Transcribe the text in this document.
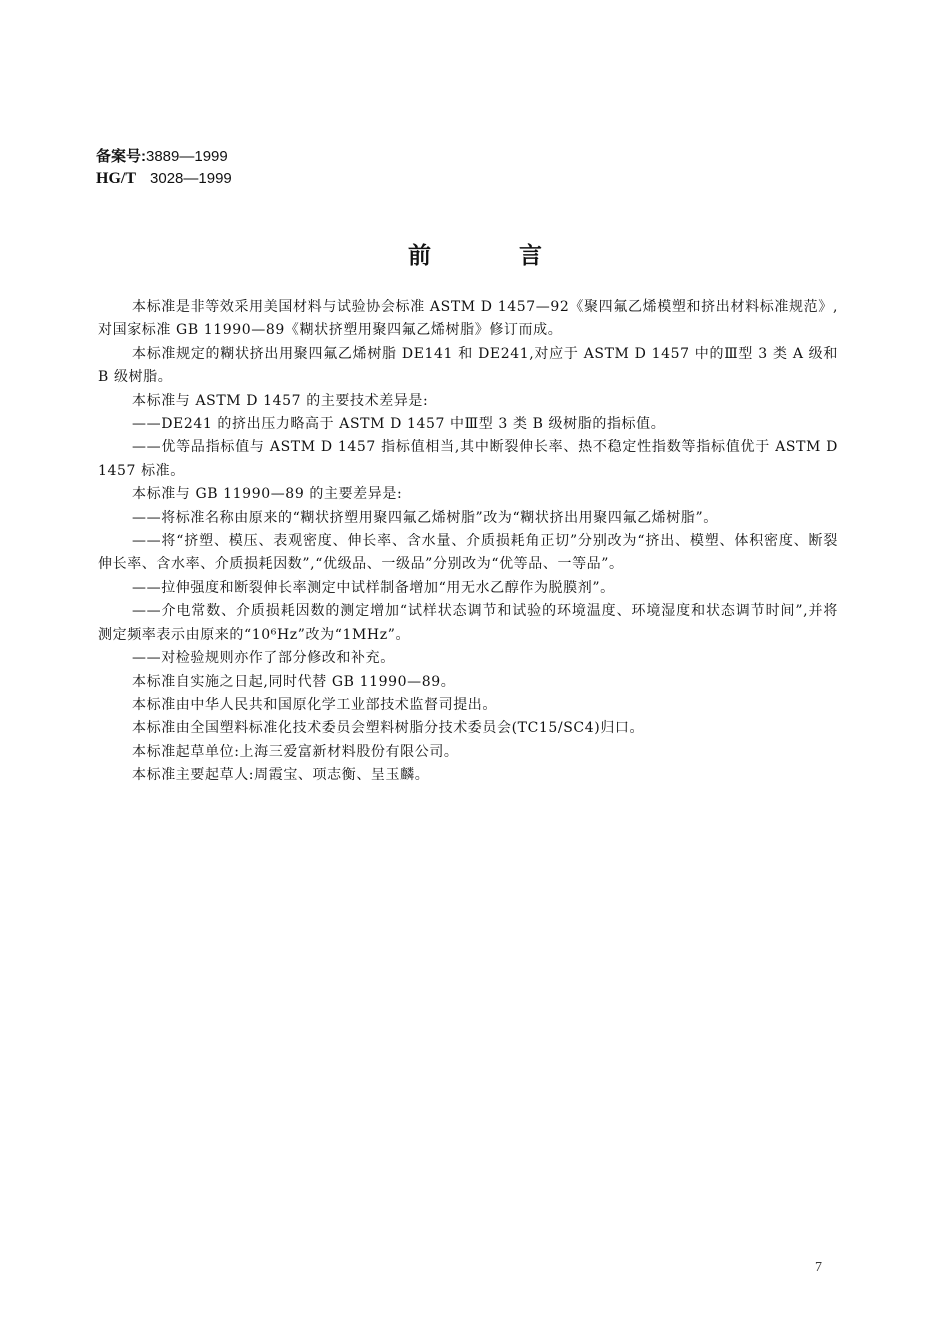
备案号:3889—1999
HG/T 3028—1999
前言

本标准是非等效采用美国材料与试验协会标准 ASTM D 1457—92《聚四氟乙烯模塑和挤出材料标准规范》,对国家标准 GB 11990—89《糊状挤塑用聚四氟乙烯树脂》修订而成。

本标准规定的糊状挤出用聚四氟乙烯树脂 DE141 和 DE241,对应于 ASTM D 1457 中的Ⅲ型 3 类 A 级和 B 级树脂。

本标准与 ASTM D 1457 的主要技术差异是:

——DE241 的挤出压力略高于 ASTM D 1457 中Ⅲ型 3 类 B 级树脂的指标值。

——优等品指标值与 ASTM D 1457 指标值相当,其中断裂伸长率、热不稳定性指数等指标值优于 ASTM D 1457 标准。

本标准与 GB 11990—89 的主要差异是:

——将标准名称由原来的“糊状挤塑用聚四氟乙烯树脂”改为“糊状挤出用聚四氟乙烯树脂”。

——将“挤塑、模压、表观密度、伸长率、含水量、介质损耗角正切”分别改为“挤出、模塑、体积密度、断裂伸长率、含水率、介质损耗因数”,“优级品、一级品”分别改为“优等品、一等品”。

——拉伸强度和断裂伸长率测定中试样制备增加“用无水乙醇作为脱膜剂”。

——介电常数、介质损耗因数的测定增加“试样状态调节和试验的环境温度、环境湿度和状态调节时间”,并将测定频率表示由原来的“10⁶Hz”改为“1MHz”。

——对检验规则亦作了部分修改和补充。

本标准自实施之日起,同时代替 GB 11990—89。

本标准由中华人民共和国原化学工业部技术监督司提出。

本标准由全国塑料标准化技术委员会塑料树脂分技术委员会(TC15/SC4)归口。

本标准起草单位:上海三爱富新材料股份有限公司。

本标准主要起草人:周霞宝、项志衡、呈玉麟。

7
